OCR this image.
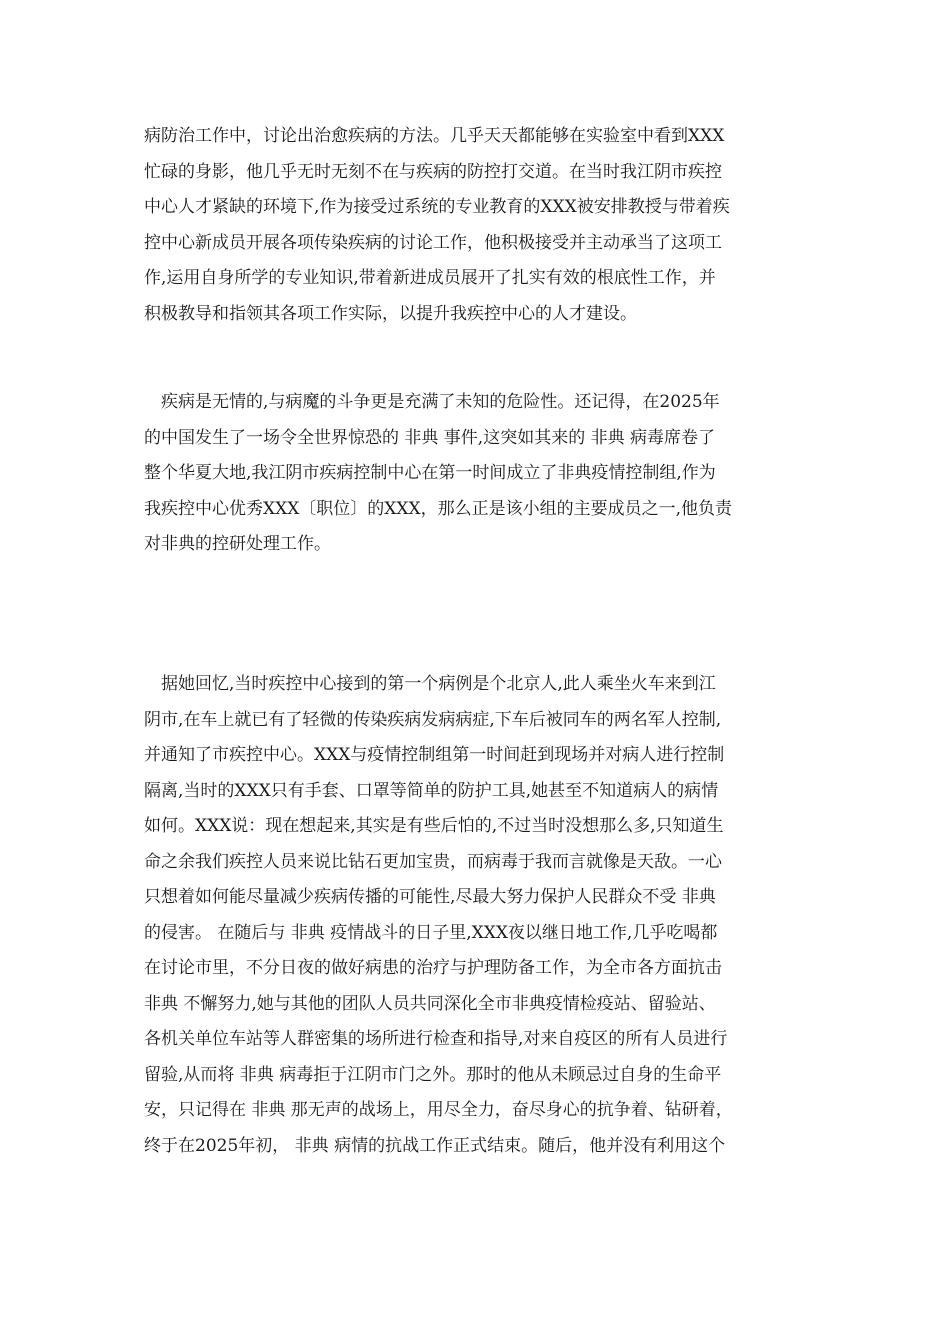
病防治工作中，讨论出治愈疾病的方法。几乎天天都能够在实验室中看到XXX
忙碌的身影，他几乎无时无刻不在与疾病的防控打交道。在当时我江阴市疾控
中心人才紧缺的环境下,作为接受过系统的专业教育的XXX被安排教授与带着疾
控中心新成员开展各项传染疾病的讨论工作，他积极接受并主动承当了这项工
作,运用自身所学的专业知识,带着新进成员展开了扎实有效的根底性工作，并
积极教导和指领其各项工作实际，以提升我疾控中心的人才建设。
　疾病是无情的,与病魔的斗争更是充满了未知的危险性。还记得，在2025年
的中国发生了一场令全世界惊恐的 非典 事件,这突如其来的 非典 病毒席卷了
整个华夏大地,我江阴市疾病控制中心在第一时间成立了非典疫情控制组,作为
我疾控中心优秀XXX〔职位〕的XXX，那么正是该小组的主要成员之一,他负责
对非典的控研处理工作。
　据她回忆,当时疾控中心接到的第一个病例是个北京人,此人乘坐火车来到江
阴市,在车上就已有了轻微的传染疾病发病病症,下车后被同车的两名军人控制,
并通知了市疾控中心。XXX与疫情控制组第一时间赶到现场并对病人进行控制
隔离,当时的XXX只有手套、口罩等简单的防护工具,她甚至不知道病人的病情
如何。XXX说：现在想起来,其实是有些后怕的,不过当时没想那么多,只知道生
命之余我们疾控人员来说比钻石更加宝贵，而病毒于我而言就像是天敌。一心
只想着如何能尽量减少疾病传播的可能性,尽最大努力保护人民群众不受 非典
的侵害。 在随后与 非典 疫情战斗的日子里,XXX夜以继日地工作,几乎吃喝都
在讨论市里，不分日夜的做好病患的治疗与护理防备工作，为全市各方面抗击
非典 不懈努力,她与其他的团队人员共同深化全市非典疫情检疫站、留验站、
各机关单位车站等人群密集的场所进行检查和指导,对来自疫区的所有人员进行
留验,从而将 非典 病毒拒于江阴市门之外。那时的他从未顾忌过自身的生命平
安，只记得在 非典 那无声的战场上，用尽全力，奋尽身心的抗争着、钻研着，
终于在2025年初， 非典 病情的抗战工作正式结束。随后，他并没有利用这个
